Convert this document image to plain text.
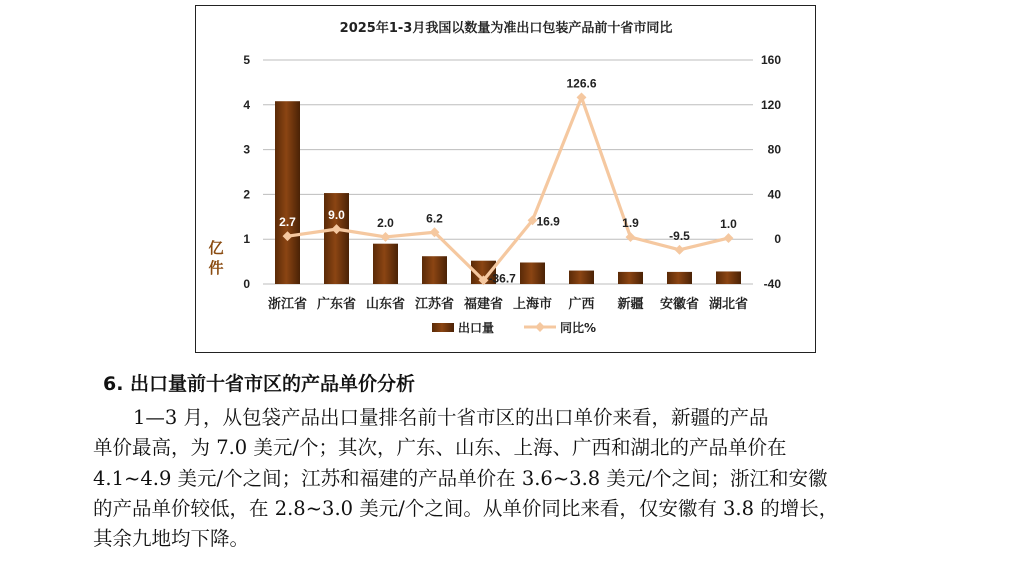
2025年1-3月我国以数量为准出口包装产品前十省市同比
2.7
9.0
2.0	6.2
-36.7
16.9
126.6
1.9
-9.5
1.0
5
4
3
2
1
0
160
120
80
40
0
-40
亿
件
浙江省 广东省 山东省 江苏省 福建省 上海市 广西 新疆 安徽省 湖北省
出口量	同比%
6. 出口量前十省市区的产品单价分析
1—3 月，从包袋产品出口量排名前十省市区的出口单价来看，新疆的产品
单价最高，为 7.0 美元/个；其次，广东、山东、上海、广西和湖北的产品单价在
4.1~4.9 美元/个之间；江苏和福建的产品单价在 3.6~3.8 美元/个之间；浙江和安徽
的产品单价较低，在 2.8~3.0 美元/个之间。从单价同比来看，仅安徽有 3.8 的增长，
其余九地均下降。
